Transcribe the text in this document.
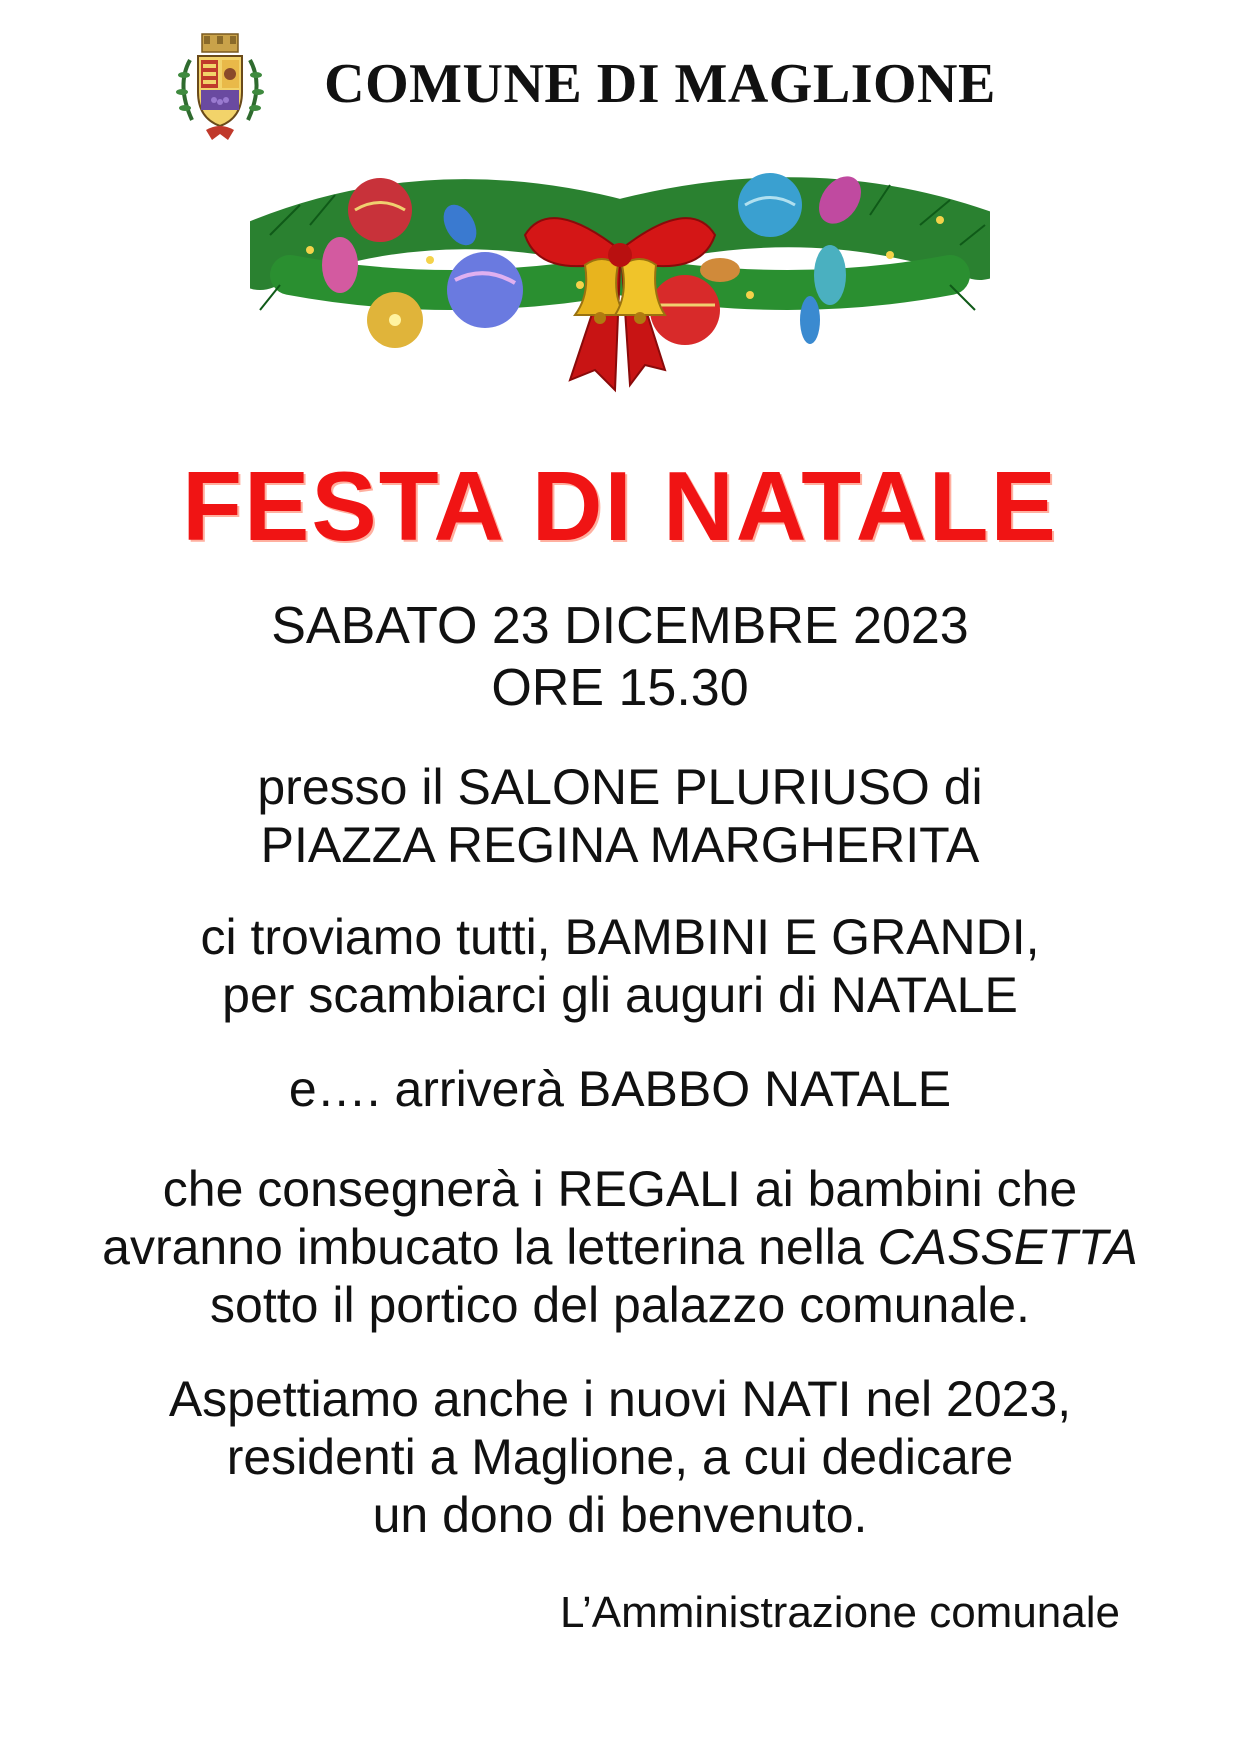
COMUNE DI MAGLIONE
FESTA DI NATALE

SABATO 23 DICEMBRE 2023
ORE 15.30

presso il SALONE PLURIUSO di
PIAZZA REGINA MARGHERITA

ci troviamo tutti, BAMBINI E GRANDI,
per scambiarci gli auguri di NATALE

e…. arriverà BABBO NATALE

che consegnerà i REGALI ai bambini che
avranno imbucato la letterina nella CASSETTA
sotto il portico del palazzo comunale.

Aspettiamo anche i nuovi NATI nel 2023,
residenti a Maglione, a cui dedicare
un dono di benvenuto.

L’Amministrazione comunale
